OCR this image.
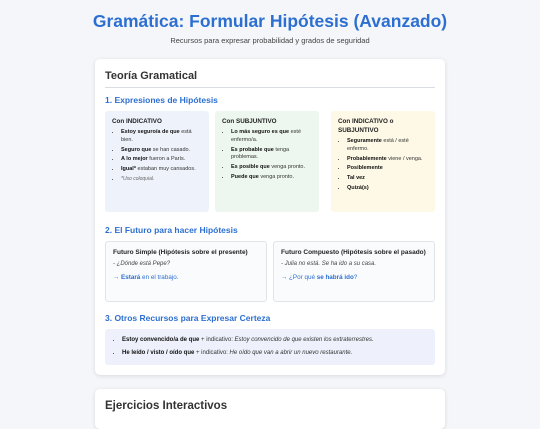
Gramática: Formular Hipótesis (Avanzado)
Recursos para expresar probabilidad y grados de seguridad
Teoría Gramatical
1. Expresiones de Hipótesis
Con INDICATIVO
• Estoy seguro/a de que está bien.
• Seguro que se han casado.
• A lo mejor fueron a París.
• Igual* estaban muy cansados.
• *Uso coloquial.
Con SUBJUNTIVO
• Lo más seguro es que esté enfermo/a.
• Es probable que tenga problemas.
• Es posible que venga pronto.
• Puede que venga pronto.
Con INDICATIVO o SUBJUNTIVO
• Seguramente está / esté enfermo.
• Probablemente viene / venga.
• Posiblemente
• Tal vez
• Quizá(s)
2. El Futuro para hacer Hipótesis
Futuro Simple (Hipótesis sobre el presente)
- ¿Dónde está Pepe?
→ Estará en el trabajo.
Futuro Compuesto (Hipótesis sobre el pasado)
- Julia no está. Se ha ido a su casa.
→ ¿Por qué se habrá ido?
3. Otros Recursos para Expresar Certeza
• Estoy convencido/a de que + indicativo: Estoy convencido de que existen los extraterrestres.
• He leído / visto / oído que + indicativo: He oído que van a abrir un nuevo restaurante.
Ejercicios Interactivos
